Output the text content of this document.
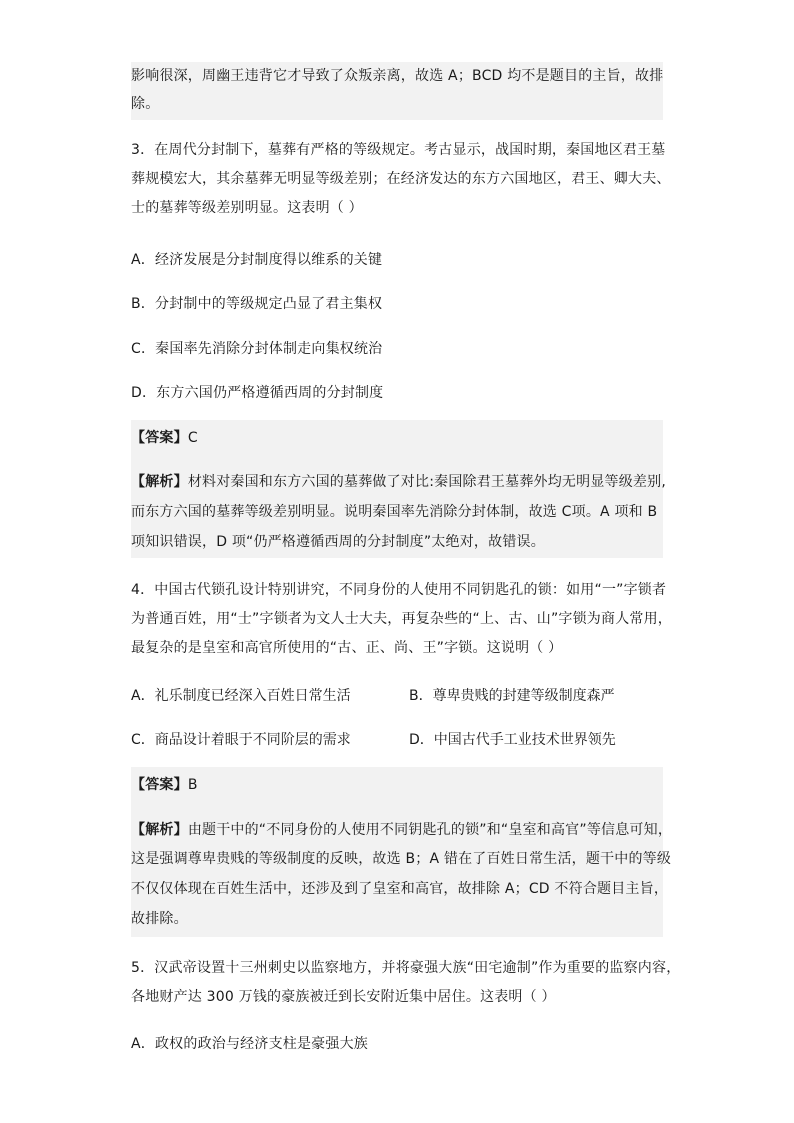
影响很深，周幽王违背它才导致了众叛亲离，故选 A；BCD 均不是题目的主旨，故排
除。
3．在周代分封制下，墓葬有严格的等级规定。考古显示，战国时期，秦国地区君王墓
葬规模宏大，其余墓葬无明显等级差别；在经济发达的东方六国地区，君王、卿大夫、
士的墓葬等级差别明显。这表明（ ）
A．经济发展是分封制度得以维系的关键
B．分封制中的等级规定凸显了君主集权
C．秦国率先消除分封体制走向集权统治
D．东方六国仍严格遵循西周的分封制度
【答案】C
【解析】材料对秦国和东方六国的墓葬做了对比:秦国除君王墓葬外均无明显等级差别,
而东方六国的墓葬等级差别明显。说明秦国率先消除分封体制，故选 C项。A 项和 B
项知识错误，D 项“仍严格遵循西周的分封制度”太绝对，故错误。
4．中国古代锁孔设计特别讲究，不同身份的人使用不同钥匙孔的锁：如用“一”字锁者
为普通百姓，用“士”字锁者为文人士大夫，再复杂些的“上、古、山”字锁为商人常用，
最复杂的是皇室和高官所使用的“古、正、尚、王”字锁。这说明（ ）
A．礼乐制度已经深入百姓日常生活	B．尊卑贵贱的封建等级制度森严
C．商品设计着眼于不同阶层的需求	D．中国古代手工业技术世界领先
【答案】B
【解析】由题干中的“不同身份的人使用不同钥匙孔的锁”和“皇室和高官”等信息可知，
这是强调尊卑贵贱的等级制度的反映，故选 B；A 错在了百姓日常生活，题干中的等级
不仅仅体现在百姓生活中，还涉及到了皇室和高官，故排除 A；CD 不符合题目主旨，
故排除。
5．汉武帝设置十三州刺史以监察地方，并将豪强大族“田宅逾制”作为重要的监察内容，
各地财产达 300 万钱的豪族被迁到长安附近集中居住。这表明（ ）
A．政权的政治与经济支柱是豪强大族
